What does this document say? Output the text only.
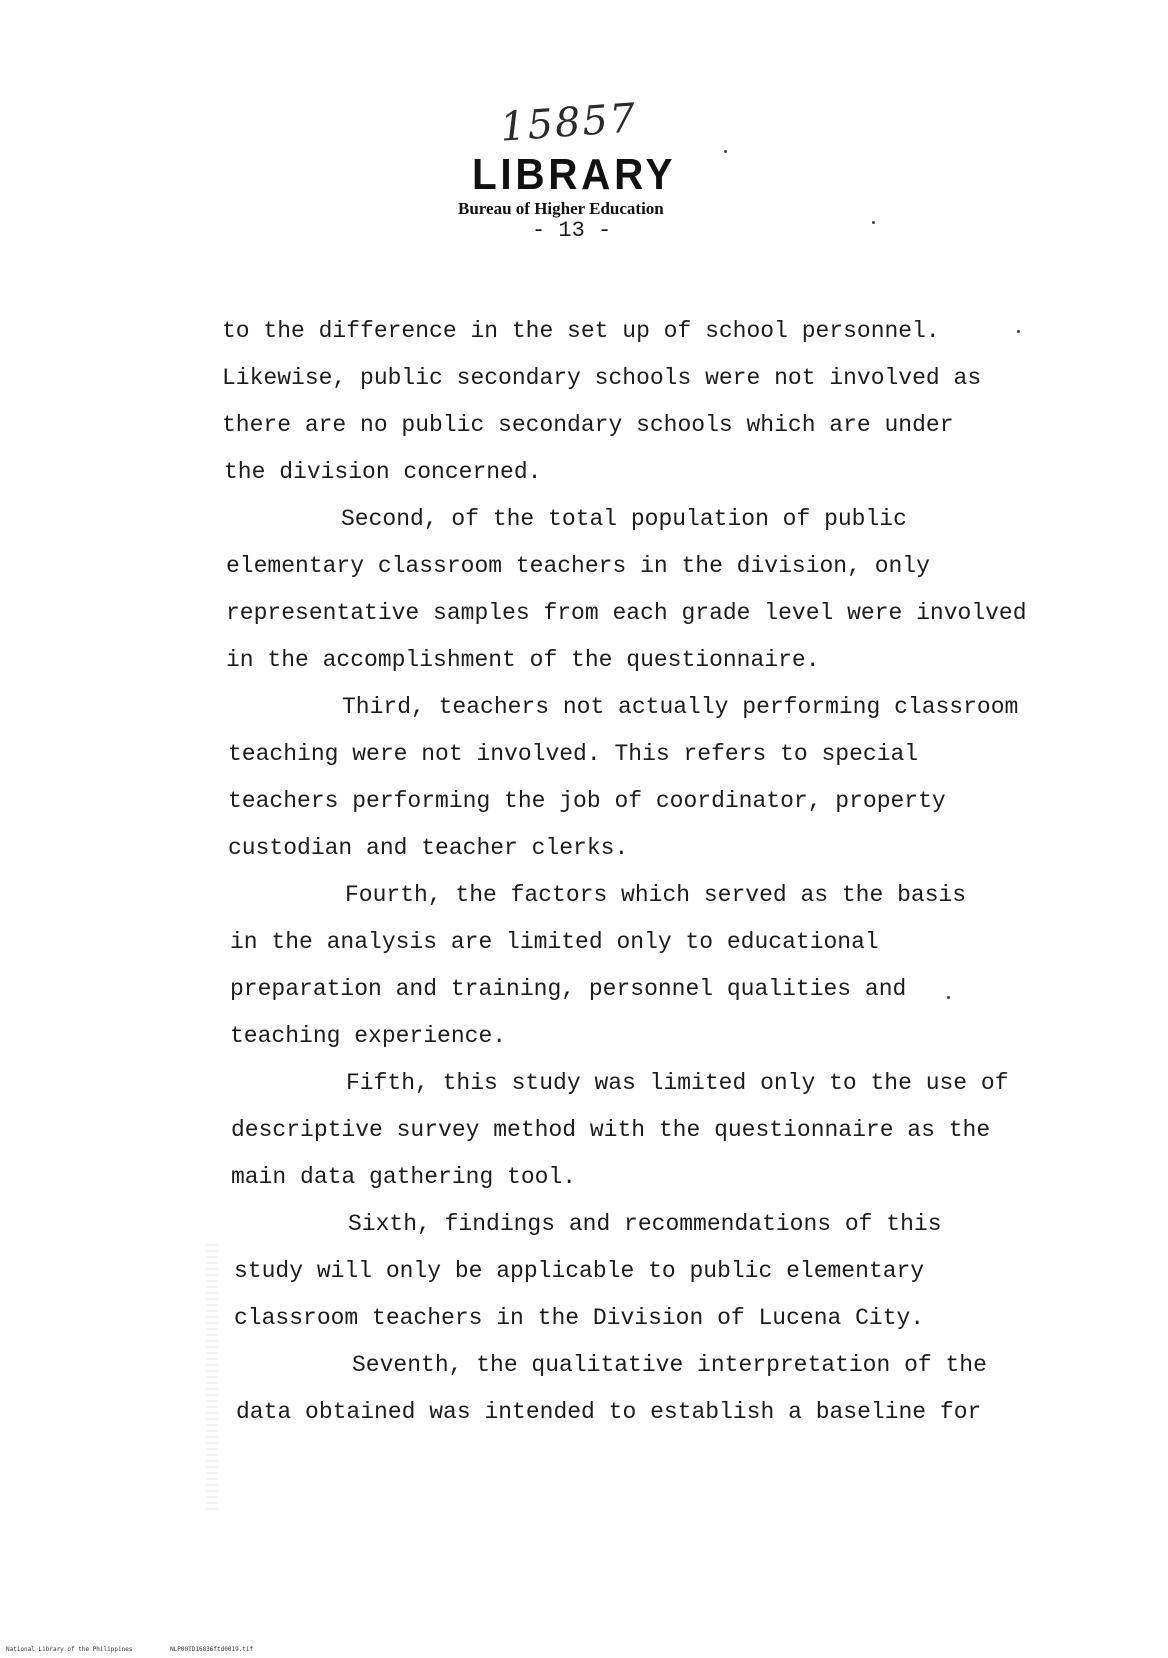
15857
LIBRARY
Bureau of Higher Education
- 13 -
to the difference in the set up of school personnel.
Likewise, public secondary schools were not involved as
there are no public secondary schools which are under
the division concerned.
Second, of the total population of public
elementary classroom teachers in the division, only
representative samples from each grade level were involved
in the accomplishment of the questionnaire.
Third, teachers not actually performing classroom
teaching were not involved. This refers to special
teachers performing the job of coordinator, property
custodian and teacher clerks.
Fourth, the factors which served as the basis
in the analysis are limited only to educational
preparation and training, personnel qualities and
teaching experience.
Fifth, this study was limited only to the use of
descriptive survey method with the questionnaire as the
main data gathering tool.
Sixth, findings and recommendations of this
study will only be applicable to public elementary
classroom teachers in the Division of Lucena City.
Seventh, the qualitative interpretation of the
data obtained was intended to establish a baseline for
National Library of the Philippines	NLP00TD16836ftd0019.tif
